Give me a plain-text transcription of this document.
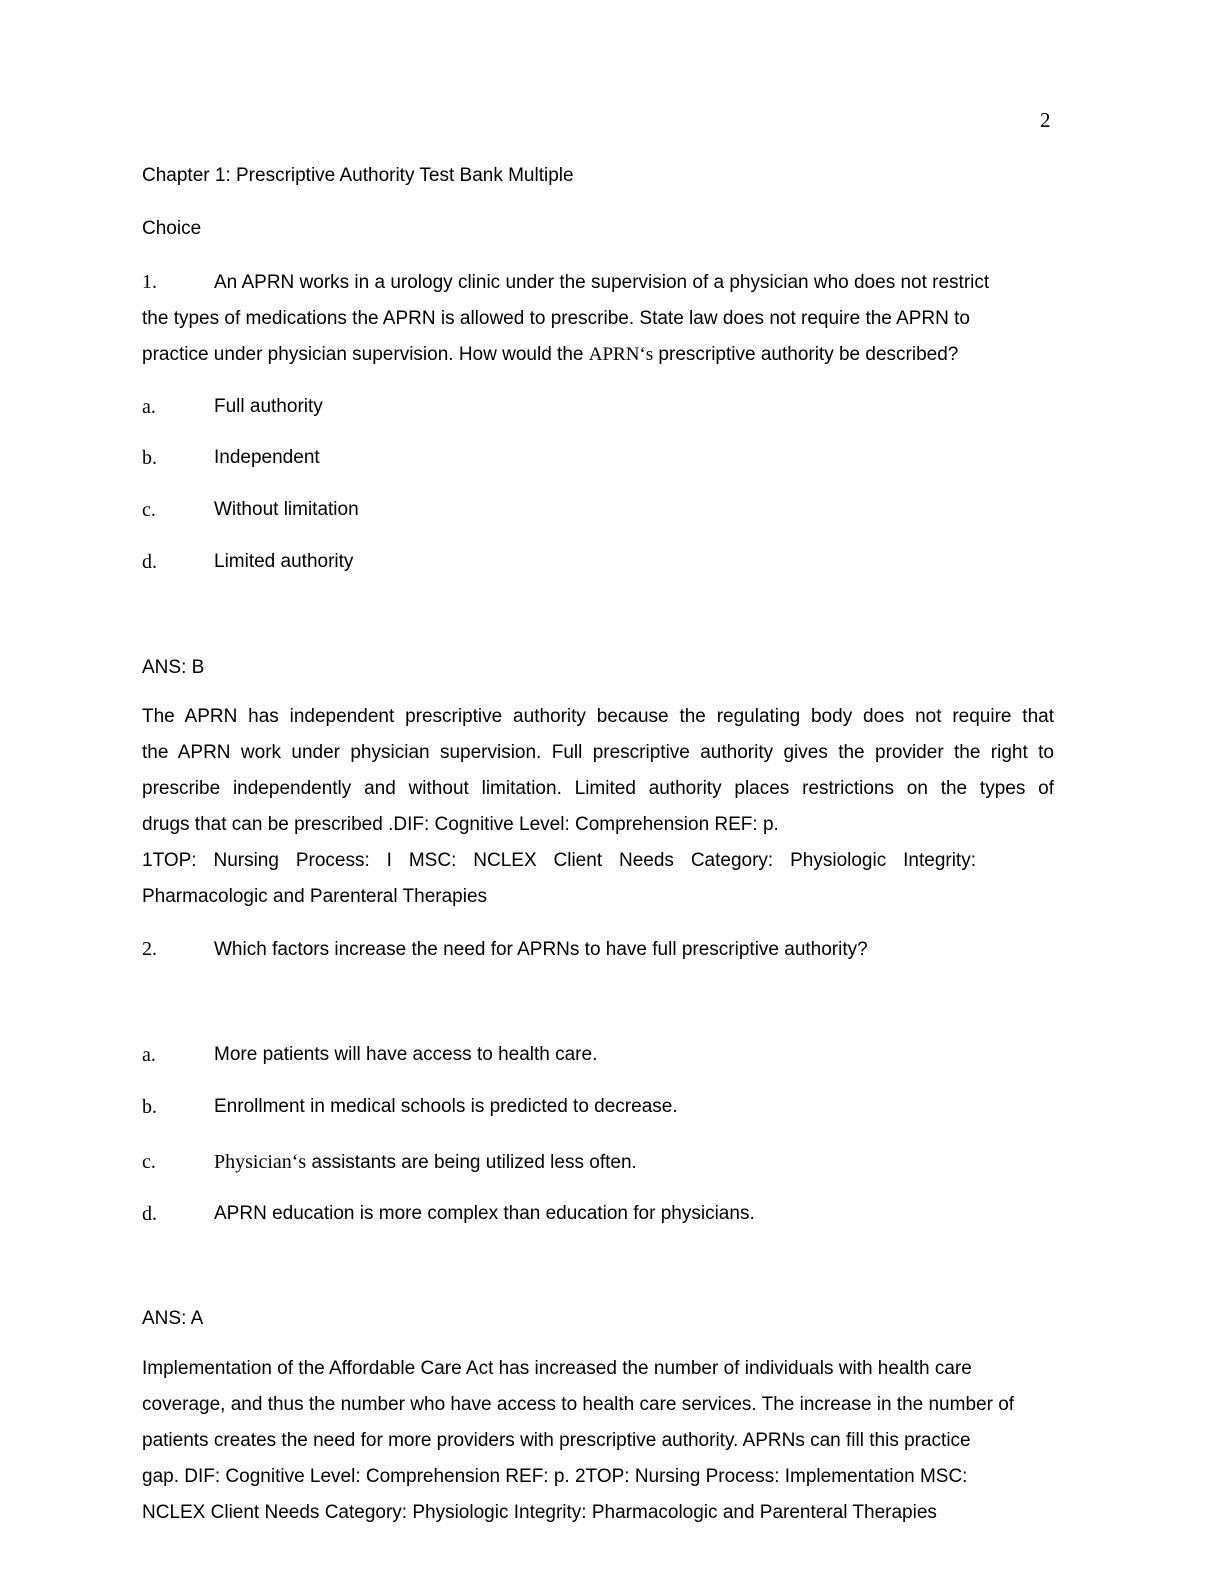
2
Chapter 1: Prescriptive Authority Test Bank Multiple
Choice
1.	An APRN works in a urology clinic under the supervision of a physician who does not restrict
the types of medications the APRN is allowed to prescribe. State law does not require the APRN to
practice under physician supervision. How would the APRN‘s prescriptive authority be described?
a.	Full authority
b.	Independent
c.	Without limitation
d.	Limited authority
ANS: B
The APRN has independent prescriptive authority because the regulating body does not require that
the APRN work under physician supervision. Full prescriptive authority gives the provider the right to
prescribe independently and without limitation. Limited authority places restrictions on the types of
drugs that can be prescribed .DIF: Cognitive Level: Comprehension REF: p.
1TOP: Nursing Process: I MSC: NCLEX Client Needs Category: Physiologic Integrity:
Pharmacologic and Parenteral Therapies
2.	Which factors increase the need for APRNs to have full prescriptive authority?
a.	More patients will have access to health care.
b.	Enrollment in medical schools is predicted to decrease.
c.	Physician‘s assistants are being utilized less often.
d.	APRN education is more complex than education for physicians.
ANS: A
Implementation of the Affordable Care Act has increased the number of individuals with health care
coverage, and thus the number who have access to health care services. The increase in the number of
patients creates the need for more providers with prescriptive authority. APRNs can fill this practice
gap. DIF: Cognitive Level: Comprehension REF: p. 2TOP: Nursing Process: Implementation MSC:
NCLEX Client Needs Category: Physiologic Integrity: Pharmacologic and Parenteral Therapies
